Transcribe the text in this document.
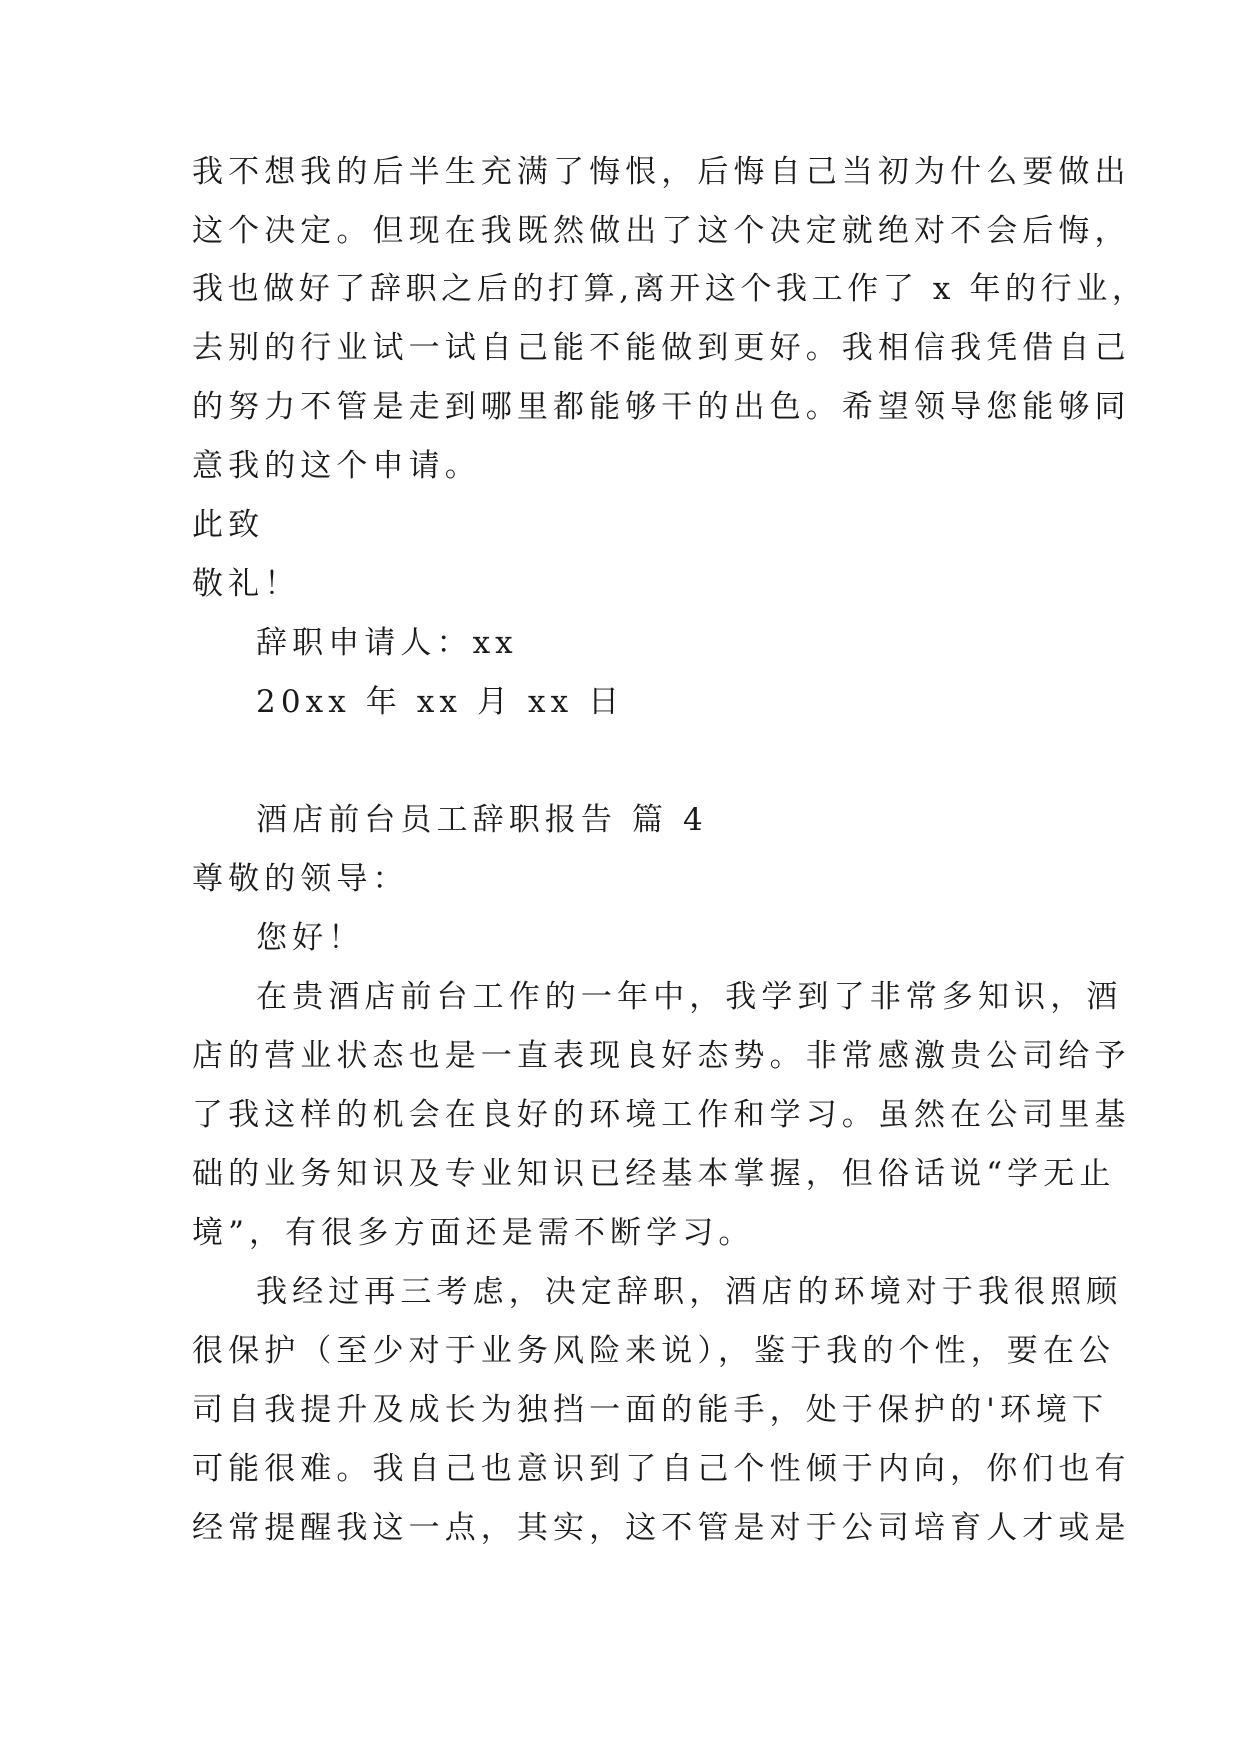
我不想我的后半生充满了悔恨，后悔自己当初为什么要做出
这个决定。但现在我既然做出了这个决定就绝对不会后悔，
我也做好了辞职之后的打算,离开这个我工作了 x 年的行业，
去别的行业试一试自己能不能做到更好。我相信我凭借自己
的努力不管是走到哪里都能够干的出色。希望领导您能够同
意我的这个申请。
此致
敬礼！
辞职申请人：xx
20xx 年 xx 月 xx 日
酒店前台员工辞职报告 篇 4
尊敬的领导：
您好！
在贵酒店前台工作的一年中，我学到了非常多知识，酒
店的营业状态也是一直表现良好态势。非常感激贵公司给予
了我这样的机会在良好的环境工作和学习。虽然在公司里基
础的业务知识及专业知识已经基本掌握，但俗话说“学无止
境”，有很多方面还是需不断学习。
我经过再三考虑，决定辞职，酒店的环境对于我很照顾
很保护（至少对于业务风险来说），鉴于我的个性，要在公
司自我提升及成长为独挡一面的能手，处于保护的'环境下
可能很难。我自己也意识到了自己个性倾于内向，你们也有
经常提醒我这一点，其实，这不管是对于公司培育人才或是
